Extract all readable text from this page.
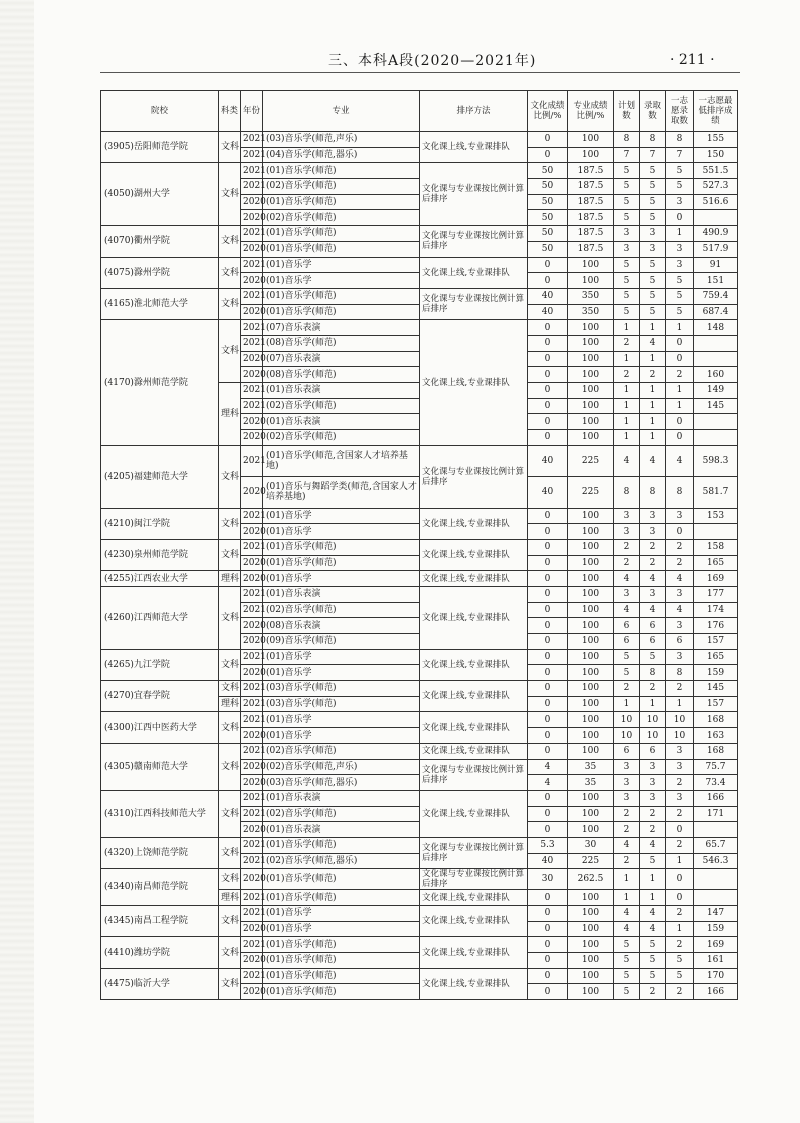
三、本科A段(2020—2021年)	· 211 ·
院校	科类	年份	专业	排序方法	文化成绩比例/%	专业成绩比例/%	计划数	录取数	一志愿录取数	一志愿最低排序成绩
(3905)岳阳师范学院	文科	2021	(03)音乐学(师范,声乐)	文化课上线,专业课排队	0	100	8	8	8	155
		2021	(04)音乐学(师范,器乐)		0	100	7	7	7	150
(4050)湖州大学	文科	2021	(01)音乐学(师范)	文化课与专业课按比例计算后排序	50	187.5	5	5	5	551.5
		2021	(02)音乐学(师范)		50	187.5	5	5	5	527.3
		2020	(01)音乐学(师范)		50	187.5	5	5	3	516.6
		2020	(02)音乐学(师范)		50	187.5	5	5	0	
(4070)衢州学院	文科	2021	(01)音乐学(师范)	文化课与专业课按比例计算后排序	50	187.5	3	3	1	490.9
		2020	(01)音乐学(师范)		50	187.5	3	3	3	517.9
(4075)滁州学院	文科	2021	(01)音乐学	文化课上线,专业课排队	0	100	5	5	3	91
		2020	(01)音乐学		0	100	5	5	5	151
(4165)淮北师范大学	文科	2021	(01)音乐学(师范)	文化课与专业课按比例计算后排序	40	350	5	5	5	759.4
		2020	(01)音乐学(师范)		40	350	5	5	5	687.4
(4170)滁州师范学院	文科	2021	(07)音乐表演	文化课上线,专业课排队	0	100	1	1	1	148
		2021	(08)音乐学(师范)		0	100	2	4	0	
		2020	(07)音乐表演		0	100	1	1	0	
		2020	(08)音乐学(师范)		0	100	2	2	2	160
	理科	2021	(01)音乐表演		0	100	1	1	1	149
		2021	(02)音乐学(师范)		0	100	1	1	1	145
		2020	(01)音乐表演		0	100	1	1	0	
		2020	(02)音乐学(师范)		0	100	1	1	0	
(4205)福建师范大学	文科	2021	(01)音乐学(师范,含国家人才培养基地)	文化课与专业课按比例计算后排序	40	225	4	4	4	598.3
		2020	(01)音乐与舞蹈学类(师范,含国家人才培养基地)		40	225	8	8	8	581.7
(4210)闽江学院	文科	2021	(01)音乐学	文化课上线,专业课排队	0	100	3	3	3	153
		2020	(01)音乐学		0	100	3	3	0	
(4230)泉州师范学院	文科	2021	(01)音乐学(师范)	文化课上线,专业课排队	0	100	2	2	2	158
		2020	(01)音乐学(师范)		0	100	2	2	2	165
(4255)江西农业大学	理科	2020	(01)音乐学	文化课上线,专业课排队	0	100	4	4	4	169
(4260)江西师范大学	文科	2021	(01)音乐表演	文化课上线,专业课排队	0	100	3	3	3	177
		2021	(02)音乐学(师范)		0	100	4	4	4	174
		2020	(08)音乐表演		0	100	6	6	3	176
		2020	(09)音乐学(师范)		0	100	6	6	6	157
(4265)九江学院	文科	2021	(01)音乐学	文化课上线,专业课排队	0	100	5	5	3	165
		2020	(01)音乐学		0	100	5	8	8	159
(4270)宜春学院	文科	2021	(03)音乐学(师范)	文化课上线,专业课排队	0	100	2	2	2	145
	理科	2021	(03)音乐学(师范)		0	100	1	1	1	157
(4300)江西中医药大学	文科	2021	(01)音乐学	文化课上线,专业课排队	0	100	10	10	10	168
		2020	(01)音乐学		0	100	10	10	10	163
(4305)赣南师范大学	文科	2021	(02)音乐学(师范)	文化课上线,专业课排队	0	100	6	6	3	168
		2020	(02)音乐学(师范,声乐)	文化课与专业课按比例计算后排序	4	35	3	3	3	75.7
		2020	(03)音乐学(师范,器乐)		4	35	3	3	2	73.4
(4310)江西科技师范大学	文科	2021	(01)音乐表演	文化课上线,专业课排队	0	100	3	3	3	166
		2021	(02)音乐学(师范)		0	100	2	2	2	171
		2020	(01)音乐表演		0	100	2	2	0	
(4320)上饶师范学院	文科	2021	(01)音乐学(师范)	文化课与专业课按比例计算后排序	5.3	30	4	4	2	65.7
		2021	(02)音乐学(师范,器乐)		40	225	2	5	1	546.3
(4340)南昌师范学院	文科	2020	(01)音乐学(师范)	文化课与专业课按比例计算后排序	30	262.5	1	1	0	
	理科	2021	(01)音乐学(师范)	文化课上线,专业课排队	0	100	1	1	0	
(4345)南昌工程学院	文科	2021	(01)音乐学	文化课上线,专业课排队	0	100	4	4	2	147
		2020	(01)音乐学		0	100	4	4	1	159
(4410)潍坊学院	文科	2021	(01)音乐学(师范)	文化课上线,专业课排队	0	100	5	5	2	169
		2020	(01)音乐学(师范)		0	100	5	5	5	161
(4475)临沂大学	文科	2021	(01)音乐学(师范)	文化课上线,专业课排队	0	100	5	5	5	170
		2020	(01)音乐学(师范)		0	100	5	2	2	166
